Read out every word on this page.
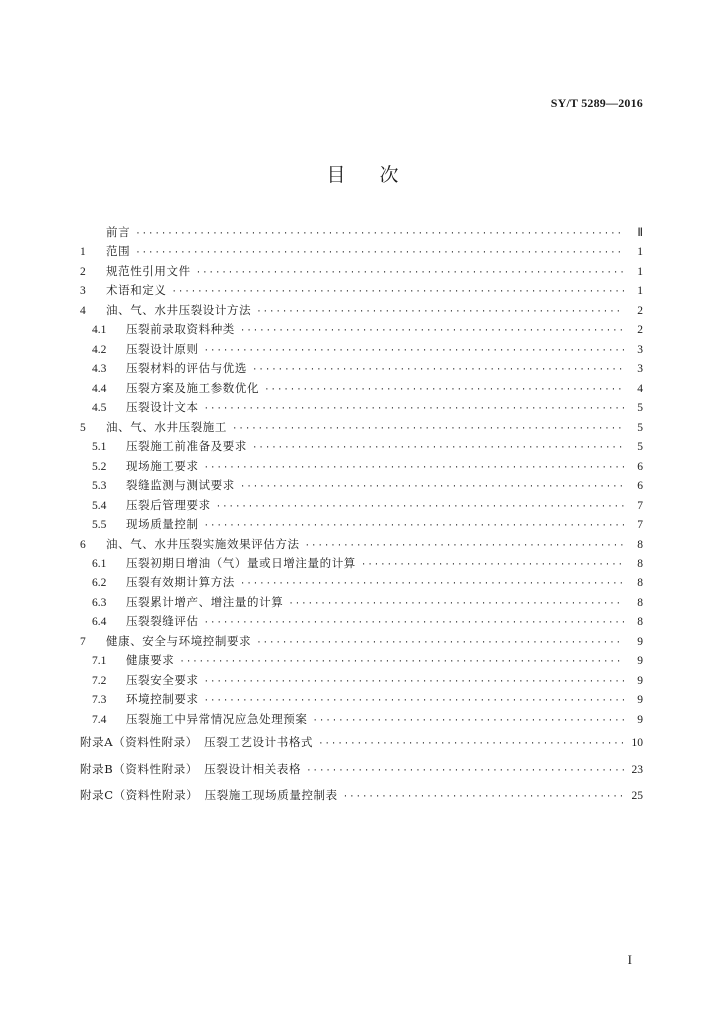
SY/T 5289—2016
目次
前言 ·····	Ⅱ
1	范围 ·····	1
2	规范性引用文件 ·····	1
3	术语和定义 ·····	1
4	油、气、水井压裂设计方法 ·····	2
4.1	压裂前录取资料种类 ·····	2
4.2	压裂设计原则 ·····	3
4.3	压裂材料的评估与优选 ·····	3
4.4	压裂方案及施工参数优化 ·····	4
4.5	压裂设计文本 ·····	5
5	油、气、水井压裂施工 ·····	5
5.1	压裂施工前准备及要求 ·····	5
5.2	现场施工要求 ·····	6
5.3	裂缝监测与测试要求 ·····	6
5.4	压裂后管理要求 ·····	7
5.5	现场质量控制 ·····	7
6	油、气、水井压裂实施效果评估方法 ·····	8
6.1	压裂初期日增油（气）量或日增注量的计算 ·····	8
6.2	压裂有效期计算方法 ·····	8
6.3	压裂累计增产、增注量的计算 ·····	8
6.4	压裂裂缝评估 ·····	8
7	健康、安全与环境控制要求 ·····	9
7.1	健康要求 ·····	9
7.2	压裂安全要求 ·····	9
7.3	环境控制要求 ·····	9
7.4	压裂施工中异常情况应急处理预案 ·····	9
附录A（资料性附录）　压裂工艺设计书格式 ·····	10
附录B（资料性附录）　压裂设计相关表格 ·····	23
附录C（资料性附录）　压裂施工现场质量控制表 ·····	25
I
